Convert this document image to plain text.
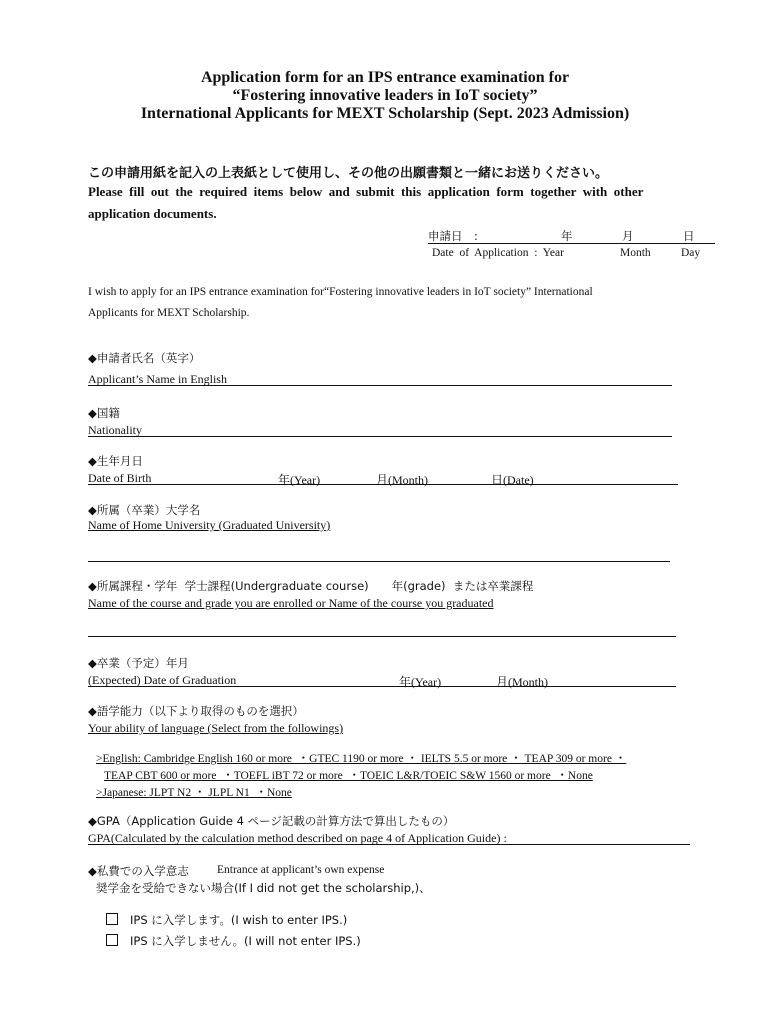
Application form for an IPS entrance examination for
“Fostering innovative leaders in IoT society”
International Applicants for MEXT Scholarship (Sept. 2023 Admission)
この申請用紙を記入の上表紙として使用し、その他の出願書類と一緒にお送りください。
Please  fill  out  the  required  items  below  and  submit  this  application  form  together  with  other
application documents.
申請日　:	年	月	日
Date  of  Application  :  Year	Month	Day
I wish to apply for an IPS entrance examination for“Fostering innovative leaders in IoT society” International
Applicants for MEXT Scholarship.
◆申請者氏名（英字）
Applicant’s Name in English
◆国籍
Nationality
◆生年月日
Date of Birth	年(Year)	月(Month)	日(Date)
◆所属（卒業）大学名
Name of Home University (Graduated University)
◆所属課程・学年  学士課程(Undergraduate course)　　年(grade)  または卒業課程
Name of the course and grade you are enrolled or Name of the course you graduated
◆卒業（予定）年月
(Expected) Date of Graduation	年(Year)	月(Month)
◆語学能力（以下より取得のものを選択）
Your ability of language (Select from the followings)
>English: Cambridge English 160 or more  ・GTEC 1190 or more ・ IELTS 5.5 or more ・ TEAP 309 or more ・
TEAP CBT 600 or more  ・TOEFL iBT 72 or more  ・TOEIC L&R/TOEIC S&W 1560 or more  ・None
>Japanese: JLPT N2 ・ JLPL N1  ・None
◆GPA（Application Guide 4 ページ記載の計算方法で算出したもの）
GPA(Calculated by the calculation method described on page 4 of Application Guide) :
◆私費での入学意志 Entrance at applicant’s own expense
奨学金を受給できない場合(If I did not get the scholarship,)、
IPS に入学します。(I wish to enter IPS.)
IPS に入学しません。(I will not enter IPS.)
